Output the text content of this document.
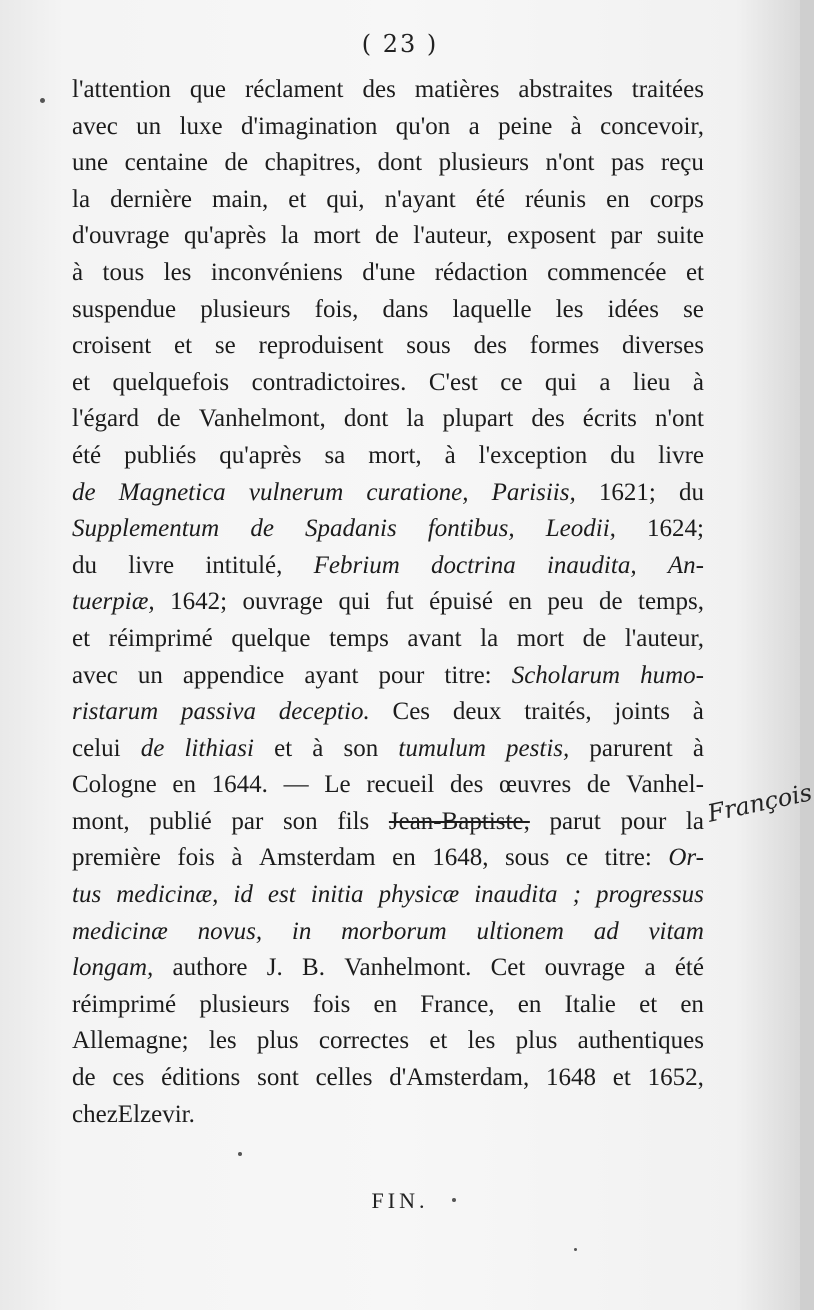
( 23 )
l'attention que réclament des matières abstraites traitées
avec un luxe d'imagination qu'on a peine à concevoir,
une centaine de chapitres, dont plusieurs n'ont pas reçu
la dernière main, et qui, n'ayant été réunis en corps
d'ouvrage qu'après la mort de l'auteur, exposent par suite
à tous les inconvéniens d'une rédaction commencée et
suspendue plusieurs fois, dans laquelle les idées se
croisent et se reproduisent sous des formes diverses
et quelquefois contradictoires. C'est ce qui a lieu à
l'égard de Vanhelmont, dont la plupart des écrits n'ont
été publiés qu'après sa mort, à l'exception du livre
de Magnetica vulnerum curatione, Parisiis, 1621; du
Supplementum de Spadanis fontibus, Leodii, 1624;
du livre intitulé, Febrium doctrina inaudita, An-
tuerpiæ, 1642; ouvrage qui fut épuisé en peu de temps,
et réimprimé quelque temps avant la mort de l'auteur,
avec un appendice ayant pour titre: Scholarum humo-
ristarum passiva deceptio. Ces deux traités, joints à
celui de lithiasi et à son tumulum pestis, parurent à
Cologne en 1644. — Le recueil des œuvres de Vanhel-
mont, publié par son fils Jean-Baptiste, parut pour la
première fois à Amsterdam en 1648, sous ce titre: Or-
tus medicinæ, id est initia physicæ inaudita ; progressus
medicinæ novus, in morborum ultionem ad vitam
longam, authore J. B. Vanhelmont. Cet ouvrage a été
réimprimé plusieurs fois en France, en Italie et en
Allemagne; les plus correctes et les plus authentiques
de ces éditions sont celles d'Amsterdam, 1648 et 1652,
chez Elzevir.
François
FIN.
